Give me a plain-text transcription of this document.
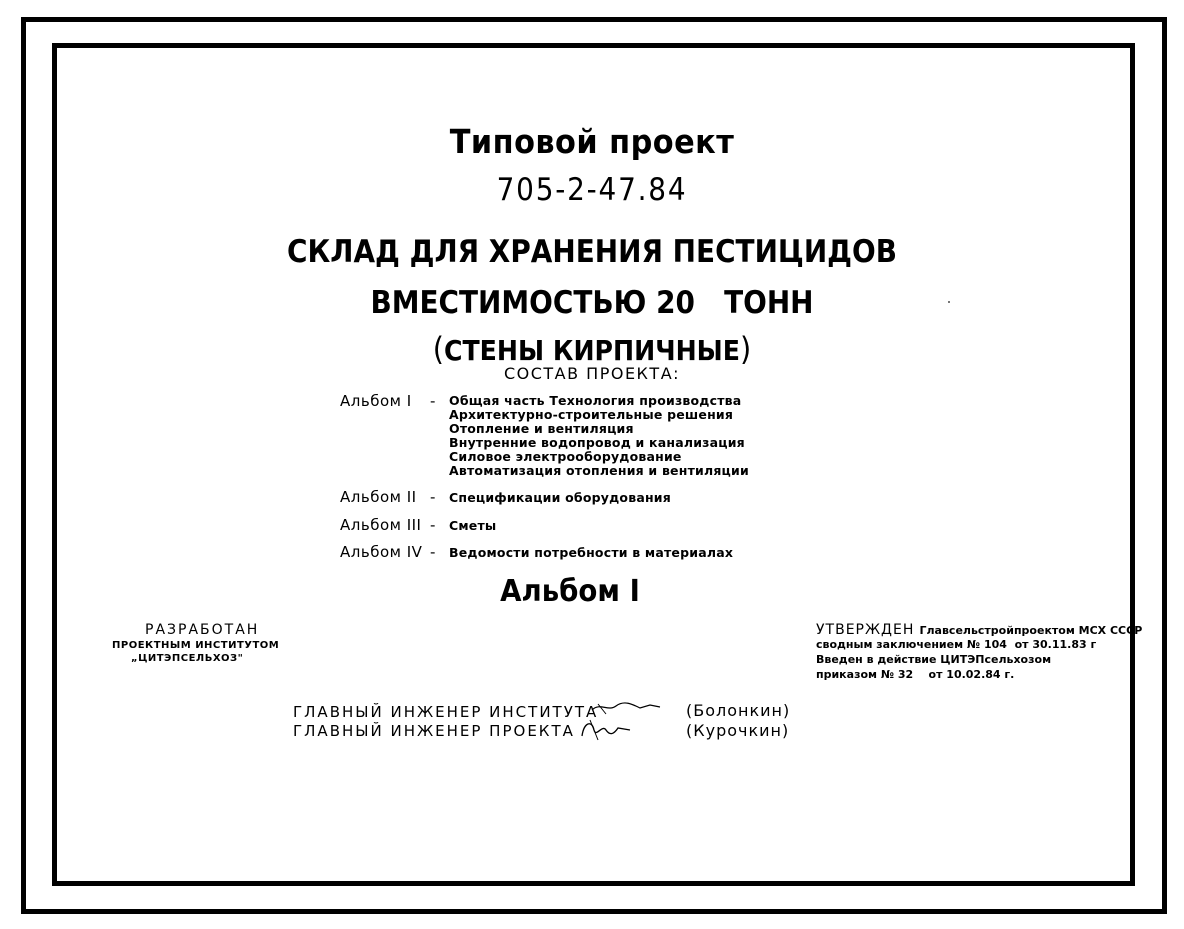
Типовой проект
705-2-47.84
СКЛАД ДЛЯ ХРАНЕНИЯ ПЕСТИЦИДОВ
ВМЕСТИМОСТЬЮ 20   ТОНН
(СТЕНЫ КИРПИЧНЫЕ)
СОСТАВ ПРОЕКТА:
Альбом I - Общая часть Технология производства
Архитектурно-строительные решения
Отопление и вентиляция
Внутренние водопровод и канализация
Силовое электрооборудование
Автоматизация отопления и вентиляции
Альбом II - Спецификации оборудования
Альбом III - Сметы
Альбом IV - Ведомости потребности в материалах
Альбом I
РАЗРАБОТАН
ПРОЕКТНЫМ ИНСТИТУТОМ
„ЦИТЭПСЕЛЬХОЗ"
УТВЕРЖДЕН Главсельстройпроектом МСХ СССР
сводным заключением № 104  от 30.11.83 г
Введен в действие ЦИТЭПсельхозом
приказом № 32    от 10.02.84 г.
ГЛАВНЫЙ ИНЖЕНЕР ИНСТИТУТА	(Болонкин)
ГЛАВНЫЙ ИНЖЕНЕР ПРОЕКТА	(Курочкин)
